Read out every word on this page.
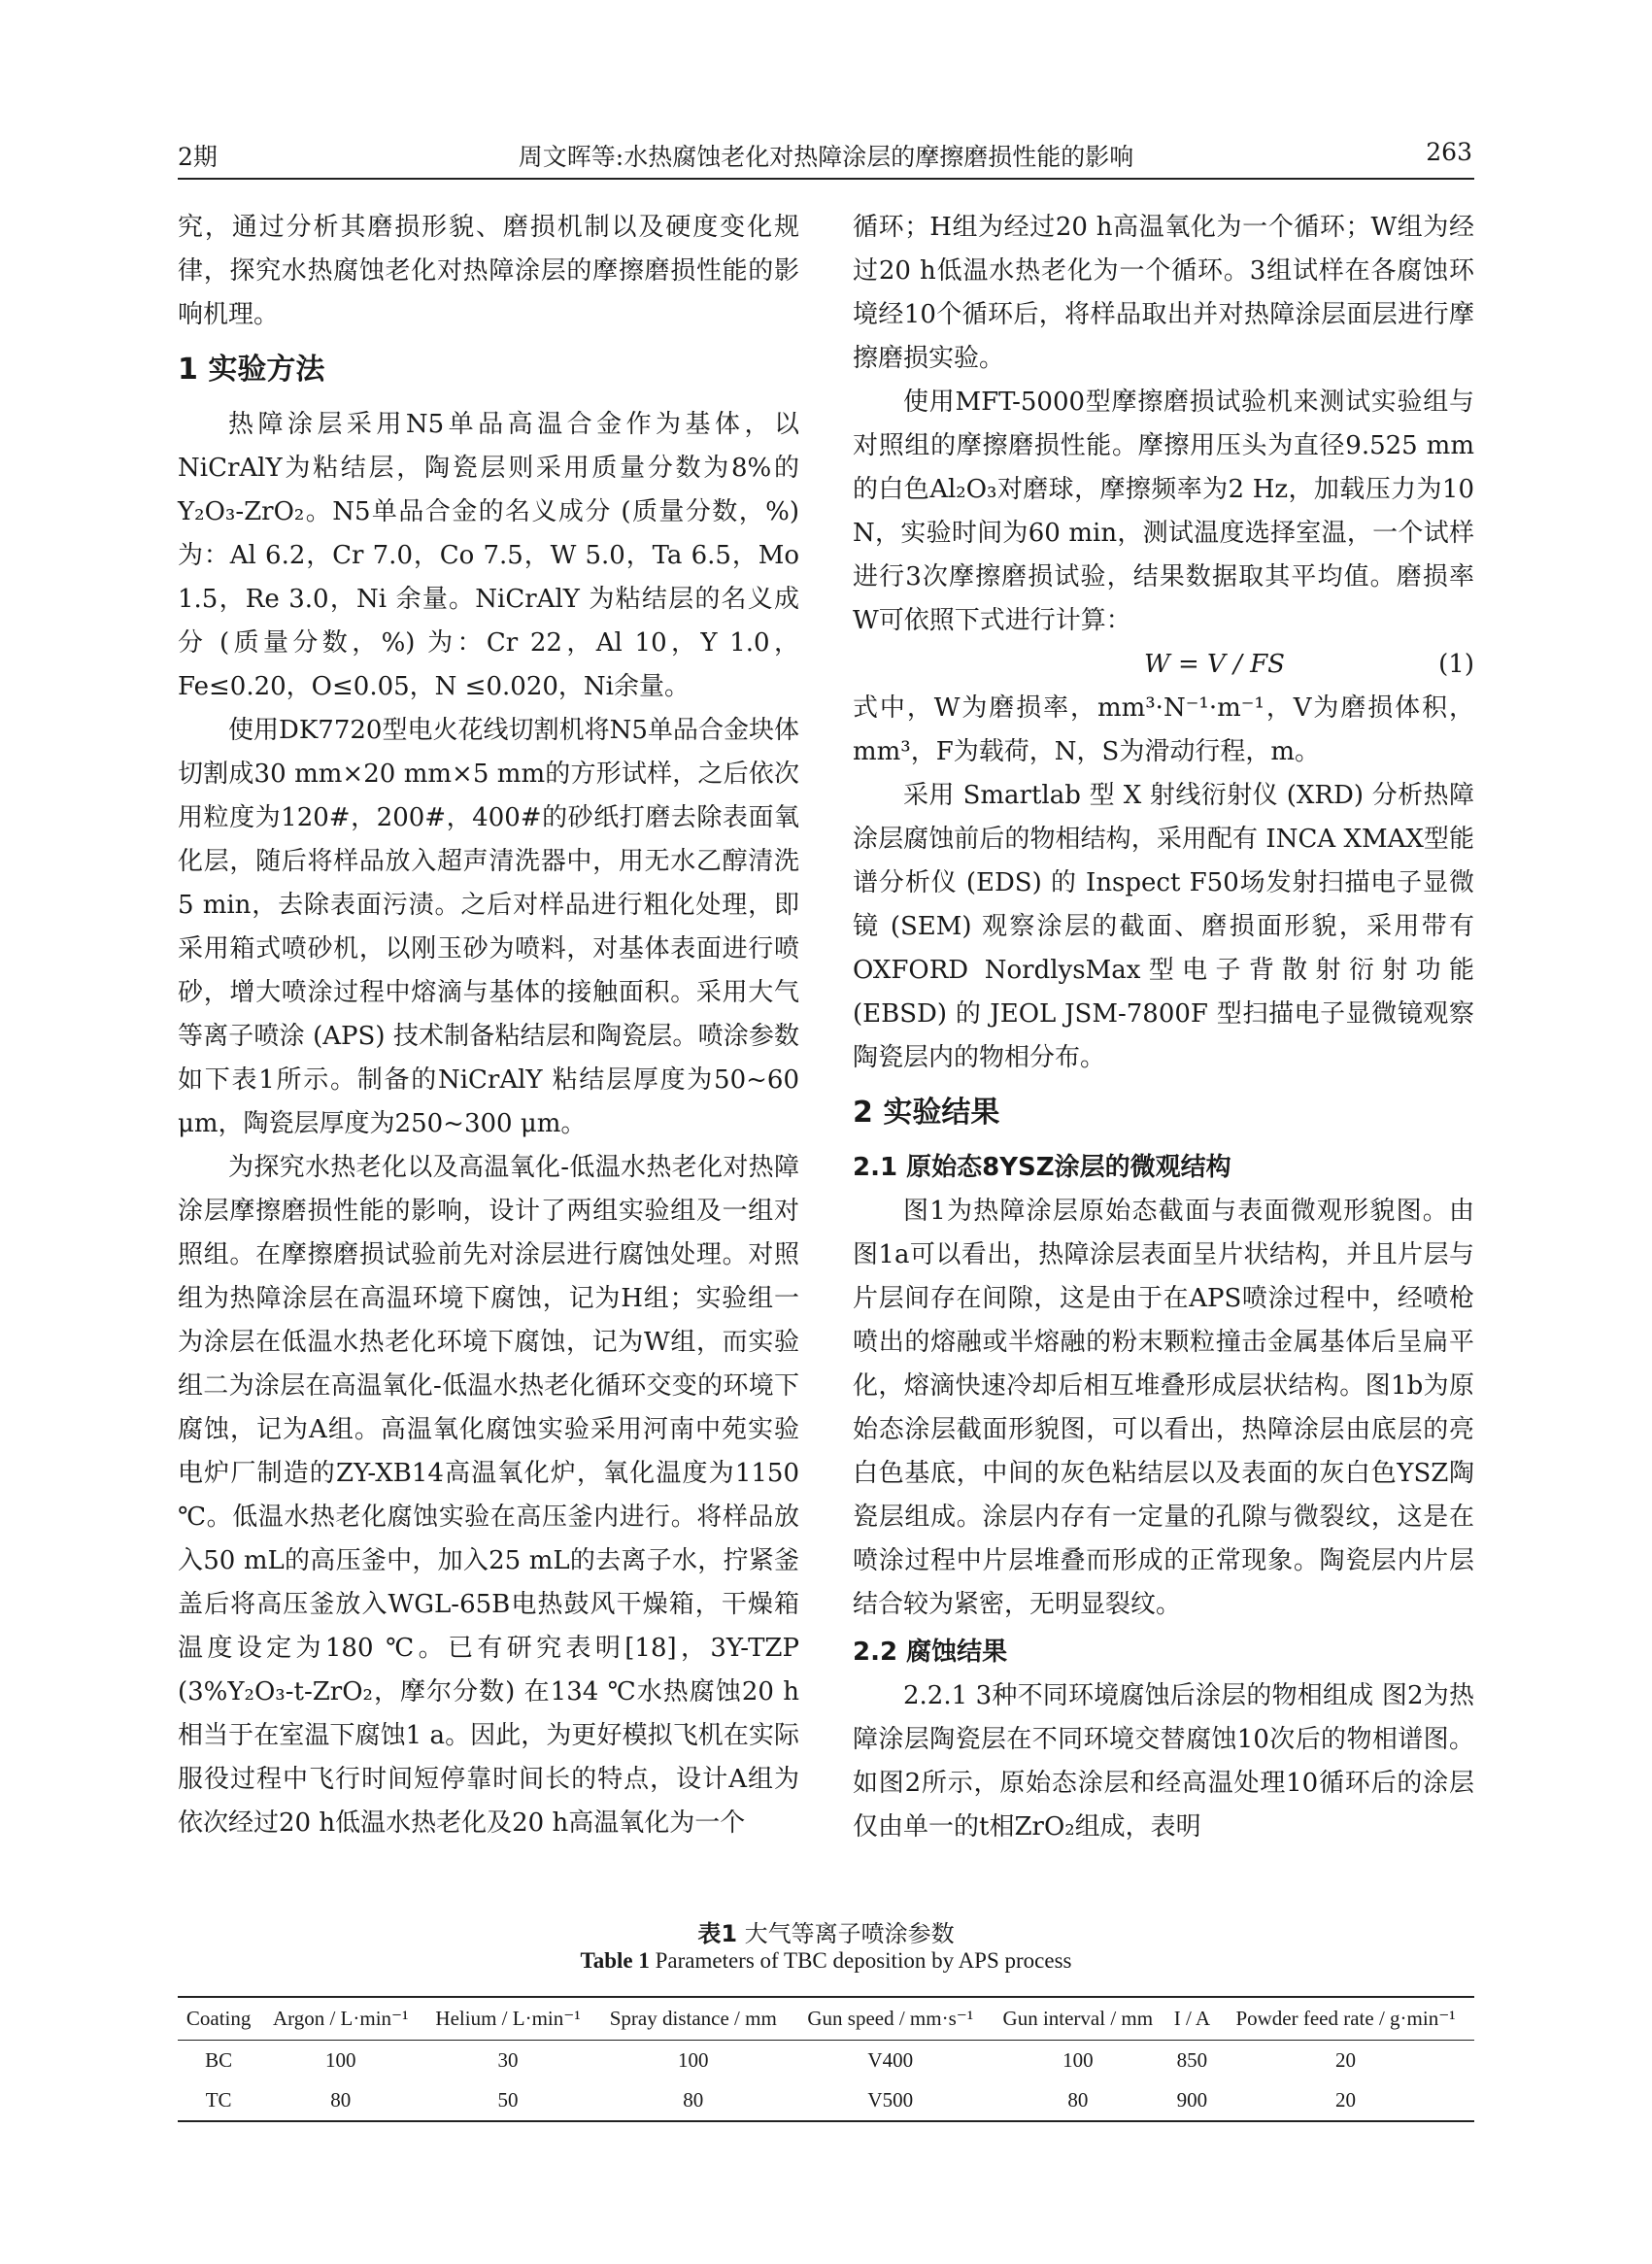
2期	周文晖等:水热腐蚀老化对热障涂层的摩擦磨损性能的影响	263

究，通过分析其磨损形貌、磨损机制以及硬度变化规律，探究水热腐蚀老化对热障涂层的摩擦磨损性能的影响机理。

1 实验方法

热障涂层采用N5单品高温合金作为基体，以NiCrAlY为粘结层，陶瓷层则采用质量分数为8%的Y₂O₃-ZrO₂。N5单品合金的名义成分 (质量分数，%) 为：Al 6.2，Cr 7.0，Co 7.5，W 5.0，Ta 6.5，Mo 1.5，Re 3.0，Ni 余量。NiCrAlY 为粘结层的名义成分 (质量分数，%) 为：Cr 22，Al 10，Y 1.0，Fe≤0.20，O≤0.05，N ≤0.020，Ni余量。

使用DK7720型电火花线切割机将N5单品合金块体切割成30 mm×20 mm×5 mm的方形试样，之后依次用粒度为120#，200#，400#的砂纸打磨去除表面氧化层，随后将样品放入超声清洗器中，用无水乙醇清洗5 min，去除表面污渍。之后对样品进行粗化处理，即采用箱式喷砂机，以刚玉砂为喷料，对基体表面进行喷砂，增大喷涂过程中熔滴与基体的接触面积。采用大气等离子喷涂 (APS) 技术制备粘结层和陶瓷层。喷涂参数如下表1所示。制备的NiCrAlY 粘结层厚度为50~60 μm，陶瓷层厚度为250~300 μm。

为探究水热老化以及高温氧化-低温水热老化对热障涂层摩擦磨损性能的影响，设计了两组实验组及一组对照组。在摩擦磨损试验前先对涂层进行腐蚀处理。对照组为热障涂层在高温环境下腐蚀，记为H组；实验组一为涂层在低温水热老化环境下腐蚀，记为W组，而实验组二为涂层在高温氧化-低温水热老化循环交变的环境下腐蚀，记为A组。高温氧化腐蚀实验采用河南中苑实验电炉厂制造的ZY-XB14高温氧化炉，氧化温度为1150 ℃。低温水热老化腐蚀实验在高压釜内进行。将样品放入50 mL的高压釜中，加入25 mL的去离子水，拧紧釜盖后将高压釜放入WGL-65B电热鼓风干燥箱，干燥箱温度设定为180 ℃。已有研究表明[18]，3Y-TZP (3%Y₂O₃-t-ZrO₂，摩尔分数) 在134 ℃水热腐蚀20 h相当于在室温下腐蚀1 a。因此，为更好模拟飞机在实际服役过程中飞行时间短停靠时间长的特点，设计A组为依次经过20 h低温水热老化及20 h高温氧化为一个

循环；H组为经过20 h高温氧化为一个循环；W组为经过20 h低温水热老化为一个循环。3组试样在各腐蚀环境经10个循环后，将样品取出并对热障涂层面层进行摩擦磨损实验。

使用MFT-5000型摩擦磨损试验机来测试实验组与对照组的摩擦磨损性能。摩擦用压头为直径9.525 mm的白色Al₂O₃对磨球，摩擦频率为2 Hz，加载压力为10 N，实验时间为60 min，测试温度选择室温，一个试样进行3次摩擦磨损试验，结果数据取其平均值。磨损率W可依照下式进行计算：

W = V / FS	(1)

式中，W为磨损率，mm³·N⁻¹·m⁻¹，V为磨损体积，mm³，F为载荷，N，S为滑动行程，m。

采用 Smartlab 型 X 射线衍射仪 (XRD) 分析热障涂层腐蚀前后的物相结构，采用配有 INCA XMAX型能谱分析仪 (EDS) 的 Inspect F50场发射扫描电子显微镜 (SEM) 观察涂层的截面、磨损面形貌，采用带有OXFORD NordlysMax型电子背散射衍射功能 (EBSD) 的 JEOL JSM-7800F 型扫描电子显微镜观察陶瓷层内的物相分布。

2 实验结果
2.1 原始态8YSZ涂层的微观结构

图1为热障涂层原始态截面与表面微观形貌图。由图1a可以看出，热障涂层表面呈片状结构，并且片层与片层间存在间隙，这是由于在APS喷涂过程中，经喷枪喷出的熔融或半熔融的粉末颗粒撞击金属基体后呈扁平化，熔滴快速冷却后相互堆叠形成层状结构。图1b为原始态涂层截面形貌图，可以看出，热障涂层由底层的亮白色基底，中间的灰色粘结层以及表面的灰白色YSZ陶瓷层组成。涂层内存有一定量的孔隙与微裂纹，这是在喷涂过程中片层堆叠而形成的正常现象。陶瓷层内片层结合较为紧密，无明显裂纹。

2.2 腐蚀结果

2.2.1 3种不同环境腐蚀后涂层的物相组成 图2为热障涂层陶瓷层在不同环境交替腐蚀10次后的物相谱图。如图2所示，原始态涂层和经高温处理10循环后的涂层仅由单一的t相ZrO₂组成，表明

表1 大气等离子喷涂参数
Table 1 Parameters of TBC deposition by APS process
Coating	Argon / L·min⁻¹	Helium / L·min⁻¹	Spray distance / mm	Gun speed / mm·s⁻¹	Gun interval / mm	I / A	Powder feed rate / g·min⁻¹
BC	100	30	100	V400	100	850	20
TC	80	50	80	V500	80	900	20
